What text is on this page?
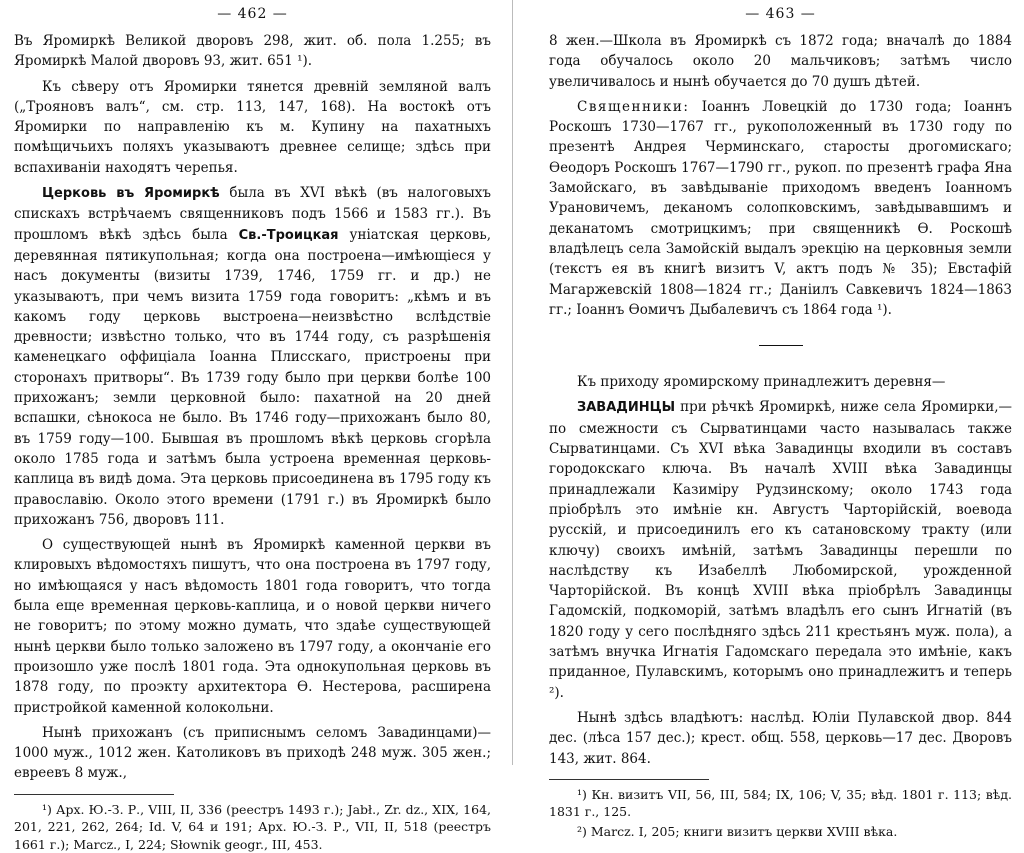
— 462 —

Въ Яромиркѣ Великой дворовъ 298, жит. об. пола 1.255; въ Яромиркѣ Малой дворовъ 93, жит. 651 ¹).

Къ сѣверу отъ Яромирки тянется древній земляной валъ („Трояновъ валъ“, см. стр. 113, 147, 168). На востокѣ отъ Яромирки по направленію къ м. Купину на пахатныхъ помѣщичьихъ поляхъ указываютъ древнее селище; здѣсь при вспахиваніи находятъ черепья.

Церковь въ Яромиркѣ была въ XVI вѣкѣ (въ налоговыхъ спискахъ встрѣчаемъ священниковъ подъ 1566 и 1583 гг.). Въ прошломъ вѣкѣ здѣсь была Св.-Троицкая уніатская церковь, деревянная пятикупольная; когда она построена—имѣющіеся у насъ документы (визиты 1739, 1746, 1759 гг. и др.) не указываютъ, при чемъ визита 1759 года говоритъ: „кѣмъ и въ какомъ году церковь выстроена—неизвѣстно вслѣдствіе древности; извѣстно только, что въ 1744 году, съ разрѣшенія каменецкаго оффиціала Іоанна Плисскаго, пристроены при сторонахъ притворы“. Въ 1739 году было при церкви болѣе 100 прихожанъ; земли церковной было: пахатной на 20 дней вспашки, сѣнокоса не было. Въ 1746 году—прихожанъ было 80, въ 1759 году—100. Бывшая въ прошломъ вѣкѣ церковь сгорѣла около 1785 года и затѣмъ была устроена временная церковь-каплица въ видѣ дома. Эта церковь присоединена въ 1795 году къ православію. Около этого времени (1791 г.) въ Яромиркѣ было прихожанъ 756, дворовъ 111.

О существующей нынѣ въ Яромиркѣ каменной церкви въ клировыхъ вѣдомостяхъ пишутъ, что она построена въ 1797 году, но имѣющаяся у насъ вѣдомость 1801 года говоритъ, что тогда была еще временная церковь-каплица, и о новой церкви ничего не говоритъ; по этому можно думать, что здаѣе существующей нынѣ церкви было только заложено въ 1797 году, а окончаніе его произошло уже послѣ 1801 года. Эта однокупольная церковь въ 1878 году, по проэкту архитектора Ѳ. Нестерова, расширена пристройкой каменной колокольни.

Нынѣ прихожанъ (съ приписнымъ селомъ Завадинцами)—1000 муж., 1012 жен. Католиковъ въ приходѣ 248 муж. 305 жен.; евреевъ 8 муж.,

¹) Арх. Ю.-З. Р., VIII, II, 336 (реестръ 1493 г.); Jabł., Zr. dz., XIX, 164, 201, 221, 262, 264; Id. V, 64 и 191; Арх. Ю.-З. Р., VII, II, 518 (реестръ 1661 г.); Marcz., I, 224; Słownik geogr., III, 453.

— 463 —

8 жен.—Школа въ Яромиркѣ съ 1872 года; вначалѣ до 1884 года обучалось около 20 мальчиковъ; затѣмъ число увеличивалось и нынѣ обучается до 70 душъ дѣтей.

Священники: Іоаннъ Ловецкій до 1730 года; Іоаннъ Роскошъ 1730—1767 гг., рукоположенный въ 1730 году по презентѣ Андрея Черминскаго, старосты дрогомискаго; Ѳеодоръ Роскошъ 1767—1790 гг., рукоп. по презентѣ графа Яна Замойскаго, въ завѣдываніе приходомъ введенъ Іоанномъ Урановичемъ, деканомъ солопковскимъ, завѣдывавшимъ и деканатомъ смотрицкимъ; при священникѣ Ѳ. Роскошѣ владѣлецъ села Замойскій выдалъ эрекцію на церковныя земли (текстъ ея въ книгѣ визитъ V, актъ подъ № 35); Евстафій Магаржевскій 1808—1824 гг.; Даніилъ Савкевичъ 1824—1863 гг.; Іоаннъ Ѳомичъ Дыбалевичъ съ 1864 года ¹).

Къ приходу яромирскому принадлежитъ деревня—

ЗАВАДИНЦЫ при рѣчкѣ Яромиркѣ, ниже села Яромирки,—по смежности съ Сырватинцами часто называлась также Сырватинцами. Съ XVI вѣка Завадинцы входили въ составъ городокскаго ключа. Въ началѣ XVIII вѣка Завадинцы принадлежали Казиміру Рудзинскому; около 1743 года пріобрѣлъ это имѣніе кн. Августъ Чарторійскій, воевода русскій, и присоединилъ его къ сатановскому тракту (или ключу) своихъ имѣній, затѣмъ Завадинцы перешли по наслѣдству къ Изабеллѣ Любомирской, урожденной Чарторійской. Въ концѣ XVIII вѣка пріобрѣлъ Завадинцы Гадомскій, подкоморій, затѣмъ владѣлъ его сынъ Игнатій (въ 1820 году у сего послѣдняго здѣсь 211 крестьянъ муж. пола), а затѣмъ внучка Игнатія Гадомскаго передала это имѣніе, какъ приданное, Пулавскимъ, которымъ оно принадлежитъ и теперь ²).

Нынѣ здѣсь владѣютъ: наслѣд. Юліи Пулавской двор. 844 дес. (лѣса 157 дес.); крест. общ. 558, церковь—17 дес. Дворовъ 143, жит. 864.

¹) Кн. визитъ VII, 56, III, 584; IX, 106; V, 35; вѣд. 1801 г. 113; вѣд. 1831 г., 125.

²) Marcz. I, 205; книги визитъ церкви XVIII вѣка.
